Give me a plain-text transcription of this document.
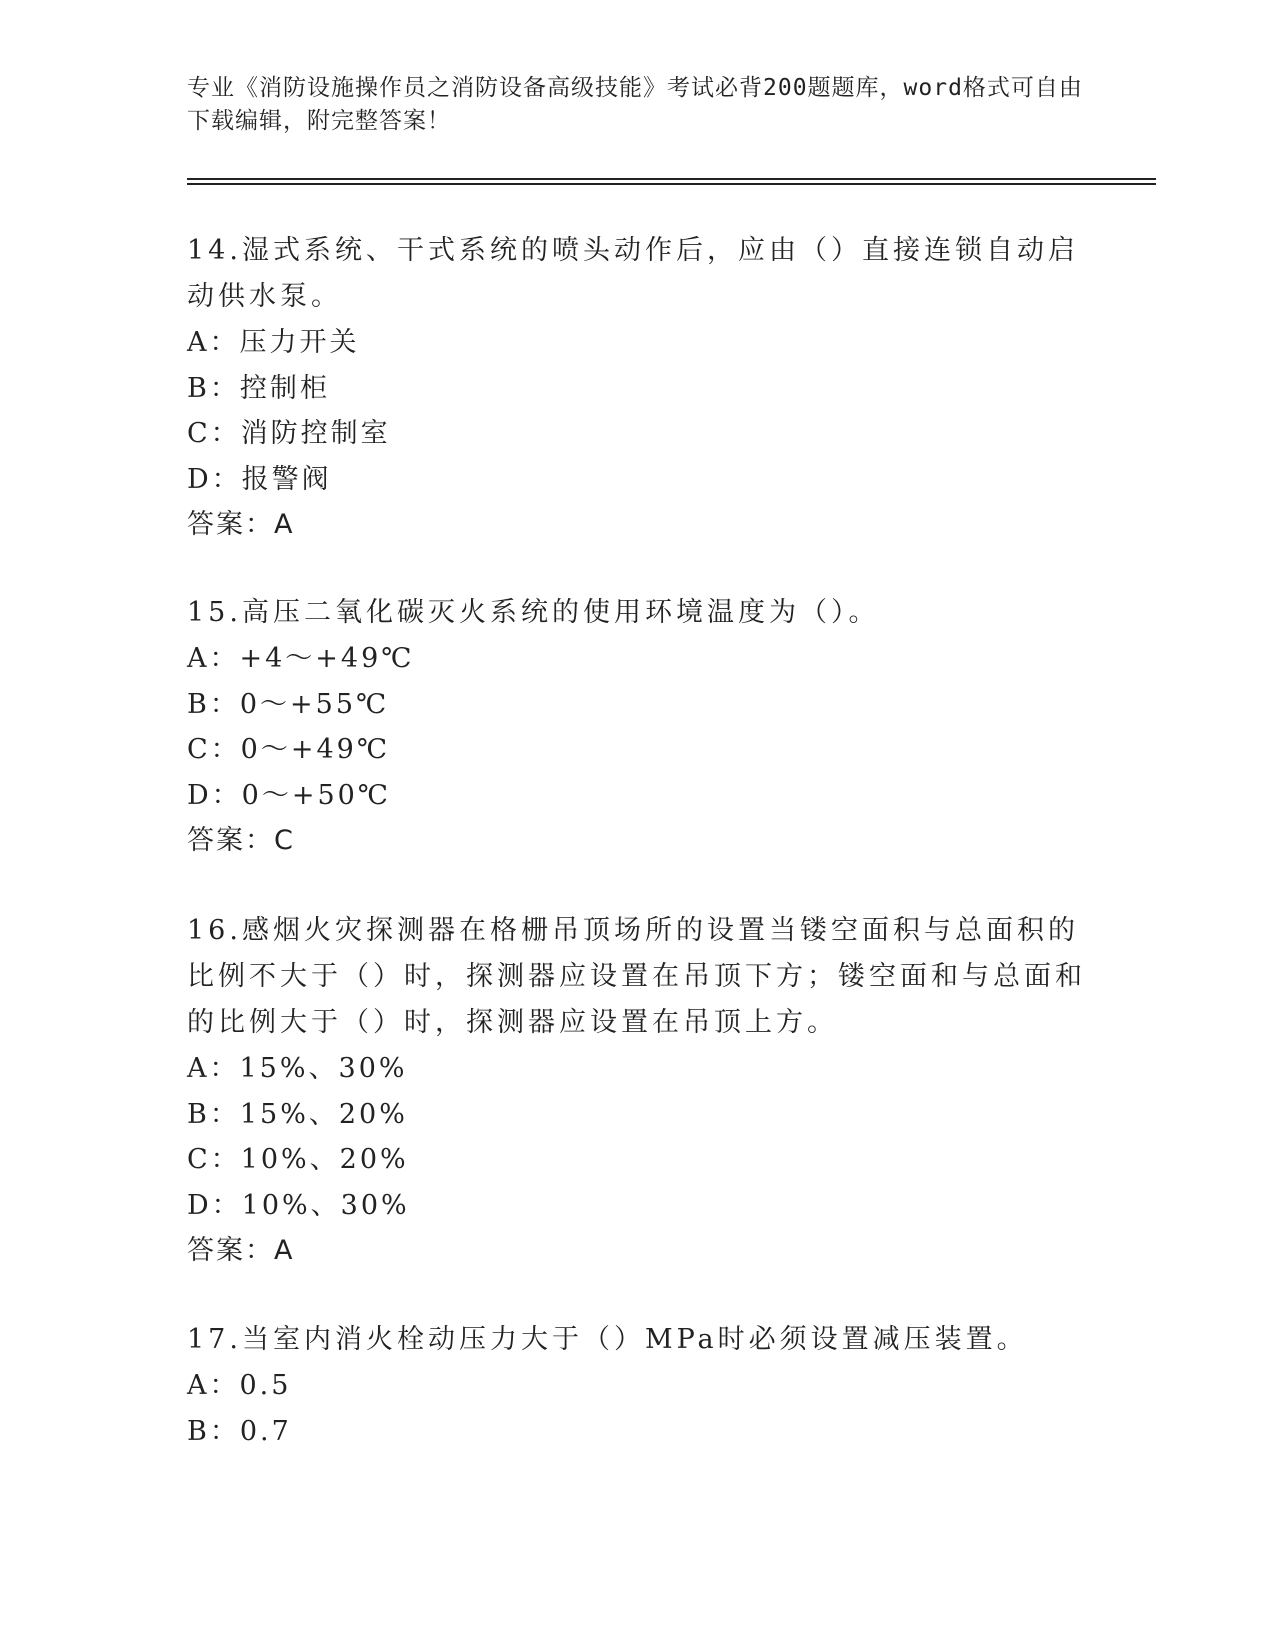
专业《消防设施操作员之消防设备高级技能》考试必背200题题库，word格式可自由下载编辑，附完整答案！
14.湿式系统、干式系统的喷头动作后，应由（）直接连锁自动启动供水泵。
A：压力开关
B：控制柜
C：消防控制室
D：报警阀
答案：A
15.高压二氧化碳灭火系统的使用环境温度为（）。
A：+4～+49℃
B：0～+55℃
C：0～+49℃
D：0～+50℃
答案：C
16.感烟火灾探测器在格栅吊顶场所的设置当镂空面积与总面积的比例不大于（）时，探测器应设置在吊顶下方；镂空面和与总面和的比例大于（）时，探测器应设置在吊顶上方。
A：15%、30%
B：15%、20%
C：10%、20%
D：10%、30%
答案：A
17.当室内消火栓动压力大于（）MPa时必须设置减压装置。
A：0.5
B：0.7
